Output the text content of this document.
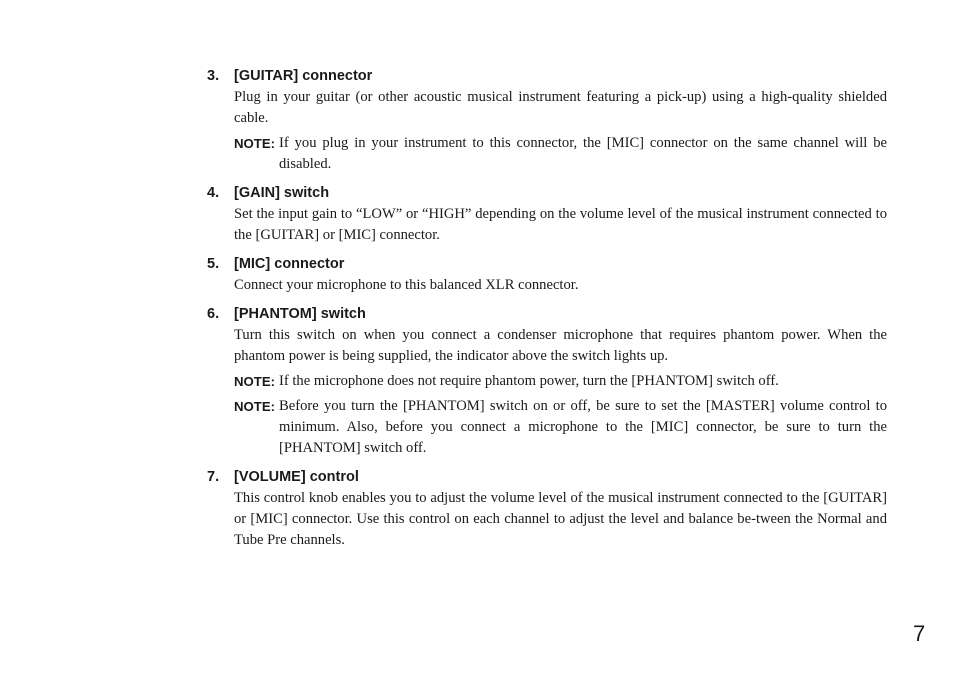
3.	[GUITAR] connector
Plug in your guitar (or other acoustic musical instrument featuring a pick-up) using a high-quality shielded cable.
NOTE: If you plug in your instrument to this connector, the [MIC] connector on the same channel will be disabled.
4.	[GAIN] switch
Set the input gain to “LOW” or “HIGH” depending on the volume level of the musical instrument connected to the [GUITAR] or [MIC] connector.
5.	[MIC] connector
Connect your microphone to this balanced XLR connector.
6.	[PHANTOM] switch
Turn this switch on when you connect a condenser microphone that requires phantom power. When the phantom power is being supplied, the indicator above the switch lights up.
NOTE: If the microphone does not require phantom power, turn the [PHANTOM] switch off.
NOTE: Before you turn the [PHANTOM] switch on or off, be sure to set the [MASTER] volume control to minimum. Also, before you connect a microphone to the [MIC] connector, be sure to turn the [PHANTOM] switch off.
7.	[VOLUME] control
This control knob enables you to adjust the volume level of the musical instrument connected to the [GUITAR] or [MIC] connector. Use this control on each channel to adjust the level and balance be-tween the Normal and Tube Pre channels.
7
